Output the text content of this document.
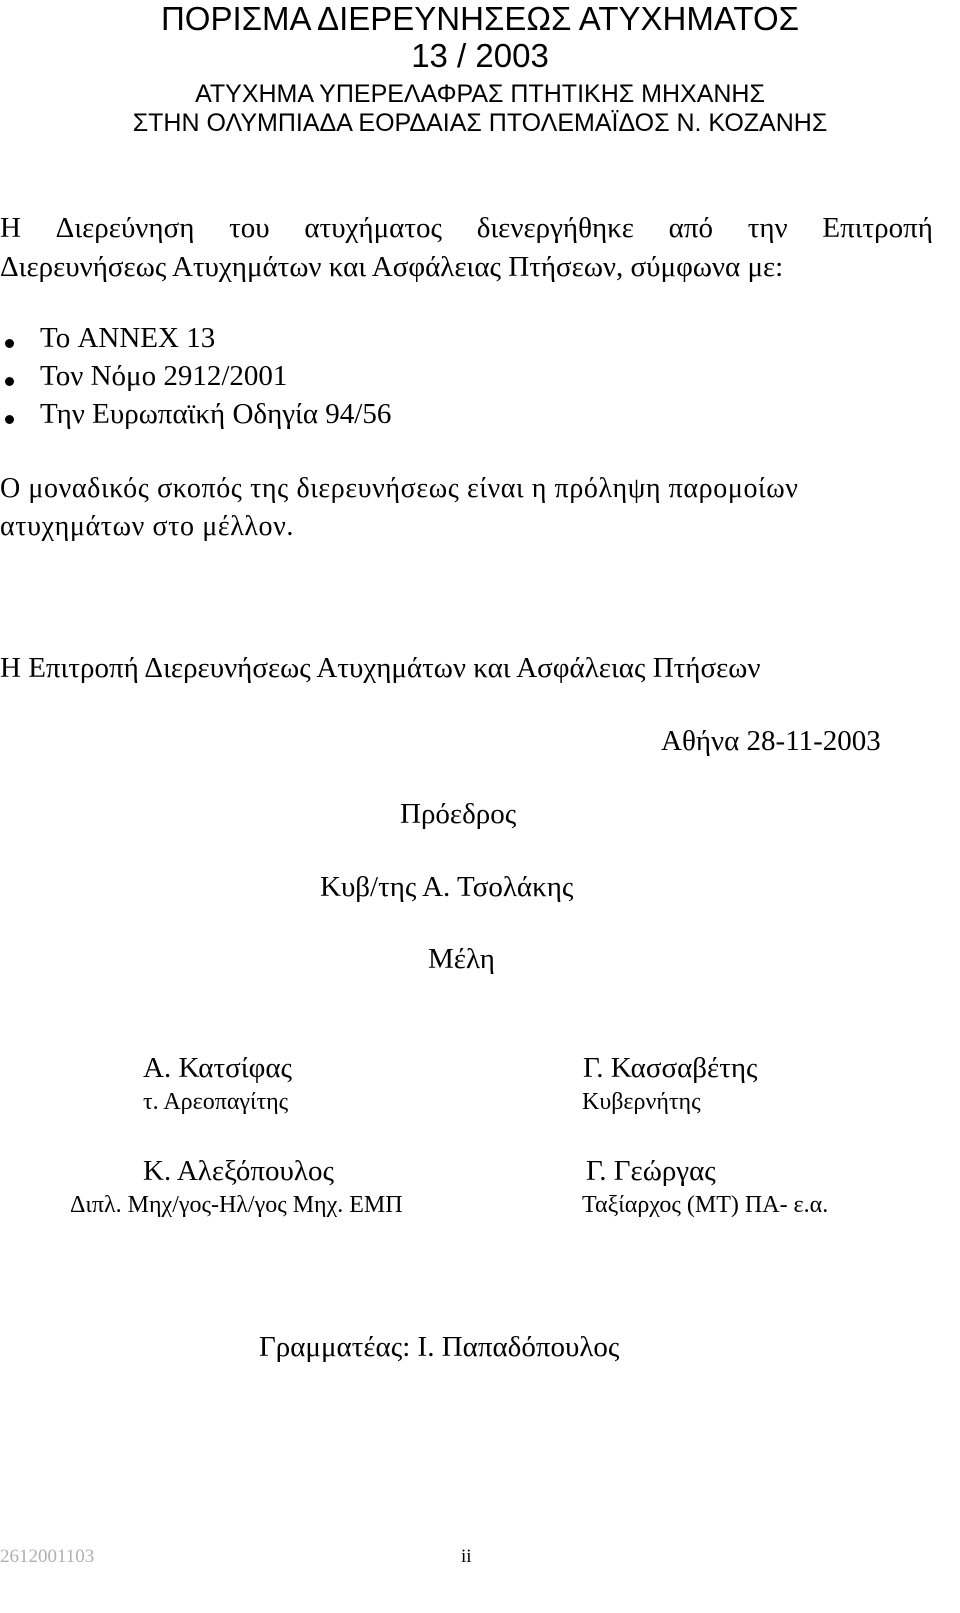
ΠΟΡΙΣΜΑ ΔΙΕΡΕΥΝΗΣΕΩΣ ΑΤΥΧΗΜΑΤΟΣ
13 / 2003
ΑΤΥΧΗΜΑ ΥΠΕΡΕΛΑΦΡΑΣ ΠΤΗΤΙΚΗΣ ΜΗΧΑΝΗΣ
ΣΤΗΝ ΟΛΥΜΠΙΑΔΑ ΕΟΡΔΑΙΑΣ ΠΤΟΛΕΜΑΪΔΟΣ Ν. ΚΟΖΑΝΗΣ
Η Διερεύνηση του ατυχήματος διενεργήθηκε από την Επιτροπή
Διερευνήσεως Ατυχημάτων και Ασφάλειας Πτήσεων, σύμφωνα με:
Το ANNEX 13
Τον Νόμο 2912/2001
Την Ευρωπαϊκή Οδηγία 94/56
Ο μοναδικός σκοπός της διερευνήσεως είναι η πρόληψη παρομοίων
ατυχημάτων στο μέλλον.
Η Επιτροπή Διερευνήσεως Ατυχημάτων και Ασφάλειας Πτήσεων
Αθήνα 28-11-2003
Πρόεδρος
Κυβ/της Α. Τσολάκης
Μέλη
Α. Κατσίφας
τ. Αρεοπαγίτης
Γ. Κασσαβέτης
Κυβερνήτης
Κ. Αλεξόπουλος
Διπλ. Μηχ/γος-Ηλ/γος Μηχ. ΕΜΠ
Γ. Γεώργας
Ταξίαρχος (ΜΤ) ΠΑ- ε.α.
Γραμματέας: Ι. Παπαδόπουλος
2612001103	ii
